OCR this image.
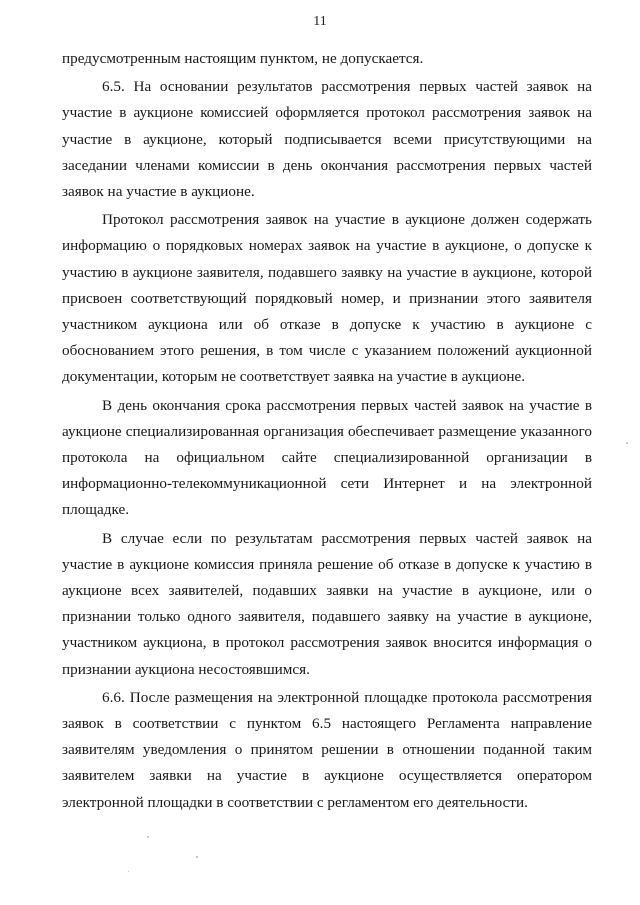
11

предусмотренным настоящим пунктом, не допускается.

6.5. На основании результатов рассмотрения первых частей заявок на участие в аукционе комиссией оформляется протокол рассмотрения заявок на участие в аукционе, который подписывается всеми присутствующими на заседании членами комиссии в день окончания рассмотрения первых частей заявок на участие в аукционе.

Протокол рассмотрения заявок на участие в аукционе должен содержать информацию о порядковых номерах заявок на участие в аукционе, о допуске к участию в аукционе заявителя, подавшего заявку на участие в аукционе, которой присвоен соответствующий порядковый номер, и признании этого заявителя участником аукциона или об отказе в допуске к участию в аукционе с обоснованием этого решения, в том числе с указанием положений аукционной документации, которым не соответствует заявка на участие в аукционе.

В день окончания срока рассмотрения первых частей заявок на участие в аукционе специализированная организация обеспечивает размещение указанного протокола на официальном сайте специализированной организации в информационно-телекоммуникационной сети Интернет и на электронной площадке.

В случае если по результатам рассмотрения первых частей заявок на участие в аукционе комиссия приняла решение об отказе в допуске к участию в аукционе всех заявителей, подавших заявки на участие в аукционе, или о признании только одного заявителя, подавшего заявку на участие в аукционе, участником аукциона, в протокол рассмотрения заявок вносится информация о признании аукциона несостоявшимся.

6.6. После размещения на электронной площадке протокола рассмотрения заявок в соответствии с пунктом 6.5 настоящего Регламента направление заявителям уведомления о принятом решении в отношении поданной таким заявителем заявки на участие в аукционе осуществляется оператором электронной площадки в соответствии с регламентом его деятельности.
